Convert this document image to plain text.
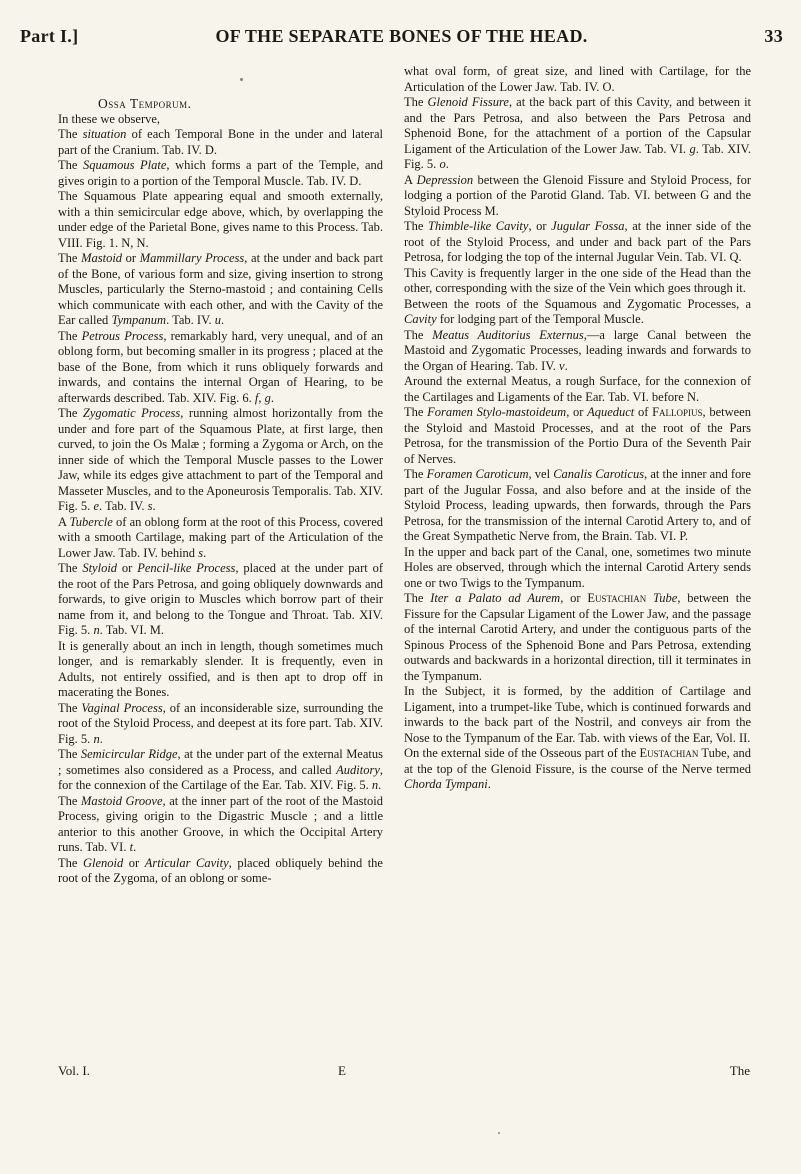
Part I.]	OF THE SEPARATE BONES OF THE HEAD.	33

Ossa Temporum.

In these we observe,

The situation of each Temporal Bone in the under and lateral part of the Cranium. Tab. IV. D.

The Squamous Plate, which forms a part of the Temple, and gives origin to a portion of the Temporal Muscle. Tab. IV. D.

The Squamous Plate appearing equal and smooth externally, with a thin semicircular edge above, which, by overlapping the under edge of the Parietal Bone, gives name to this Process. Tab. VIII. Fig. 1. N, N.

The Mastoid or Mammillary Process, at the under and back part of the Bone, of various form and size, giving insertion to strong Muscles, particularly the Sterno-mastoid ; and containing Cells which communicate with each other, and with the Cavity of the Ear called Tympanum. Tab. IV. u.

The Petrous Process, remarkably hard, very unequal, and of an oblong form, but becoming smaller in its progress ; placed at the base of the Bone, from which it runs obliquely forwards and inwards, and contains the internal Organ of Hearing, to be afterwards described. Tab. XIV. Fig. 6. f, g.

The Zygomatic Process, running almost horizontally from the under and fore part of the Squamous Plate, at first large, then curved, to join the Os Malæ ; forming a Zygoma or Arch, on the inner side of which the Temporal Muscle passes to the Lower Jaw, while its edges give attachment to part of the Temporal and Masseter Muscles, and to the Aponeurosis Temporalis. Tab. XIV. Fig. 5. e. Tab. IV. s.

A Tubercle of an oblong form at the root of this Process, covered with a smooth Cartilage, making part of the Articulation of the Lower Jaw. Tab. IV. behind s.

The Styloid or Pencil-like Process, placed at the under part of the root of the Pars Petrosa, and going obliquely downwards and forwards, to give origin to Muscles which borrow part of their name from it, and belong to the Tongue and Throat. Tab. XIV. Fig. 5. n. Tab. VI. M.

It is generally about an inch in length, though sometimes much longer, and is remarkably slender. It is frequently, even in Adults, not entirely ossified, and is then apt to drop off in macerating the Bones.

The Vaginal Process, of an inconsiderable size, surrounding the root of the Styloid Process, and deepest at its fore part. Tab. XIV. Fig. 5. n.

The Semicircular Ridge, at the under part of the external Meatus ; sometimes also considered as a Process, and called Auditory, for the connexion of the Cartilage of the Ear. Tab. XIV. Fig. 5. n.

The Mastoid Groove, at the inner part of the root of the Mastoid Process, giving origin to the Digastric Muscle ; and a little anterior to this another Groove, in which the Occipital Artery runs. Tab. VI. t.

The Glenoid or Articular Cavity, placed obliquely behind the root of the Zygoma, of an oblong or some-

what oval form, of great size, and lined with Cartilage, for the Articulation of the Lower Jaw. Tab. IV. O.

The Glenoid Fissure, at the back part of this Cavity, and between it and the Pars Petrosa, and also between the Pars Petrosa and Sphenoid Bone, for the attachment of a portion of the Capsular Ligament of the Articulation of the Lower Jaw. Tab. VI. g. Tab. XIV. Fig. 5. o.

A Depression between the Glenoid Fissure and Styloid Process, for lodging a portion of the Parotid Gland. Tab. VI. between G and the Styloid Process M.

The Thimble-like Cavity, or Jugular Fossa, at the inner side of the root of the Styloid Process, and under and back part of the Pars Petrosa, for lodging the top of the internal Jugular Vein. Tab. VI. Q.

This Cavity is frequently larger in the one side of the Head than the other, corresponding with the size of the Vein which goes through it.

Between the roots of the Squamous and Zygomatic Processes, a Cavity for lodging part of the Temporal Muscle.

The Meatus Auditorius Externus,—a large Canal between the Mastoid and Zygomatic Processes, leading inwards and forwards to the Organ of Hearing. Tab. IV. v.

Around the external Meatus, a rough Surface, for the connexion of the Cartilages and Ligaments of the Ear. Tab. VI. before N.

The Foramen Stylo-mastoideum, or Aqueduct of Fallopius, between the Styloid and Mastoid Processes, and at the root of the Pars Petrosa, for the transmission of the Portio Dura of the Seventh Pair of Nerves.

The Foramen Caroticum, vel Canalis Caroticus, at the inner and fore part of the Jugular Fossa, and also before and at the inside of the Styloid Process, leading upwards, then forwards, through the Pars Petrosa, for the transmission of the internal Carotid Artery to, and of the Great Sympathetic Nerve from, the Brain. Tab. VI. P.

In the upper and back part of the Canal, one, sometimes two minute Holes are observed, through which the internal Carotid Artery sends one or two Twigs to the Tympanum.

The Iter a Palato ad Aurem, or Eustachian Tube, between the Fissure for the Capsular Ligament of the Lower Jaw, and the passage of the internal Carotid Artery, and under the contiguous parts of the Spinous Process of the Sphenoid Bone and Pars Petrosa, extending outwards and backwards in a horizontal direction, till it terminates in the Tympanum.

In the Subject, it is formed, by the addition of Cartilage and Ligament, into a trumpet-like Tube, which is continued forwards and inwards to the back part of the Nostril, and conveys air from the Nose to the Tympanum of the Ear. Tab. with views of the Ear, Vol. II.

On the external side of the Osseous part of the Eustachian Tube, and at the top of the Glenoid Fissure, is the course of the Nerve termed Chorda Tympani.

Vol. I.	E	The
